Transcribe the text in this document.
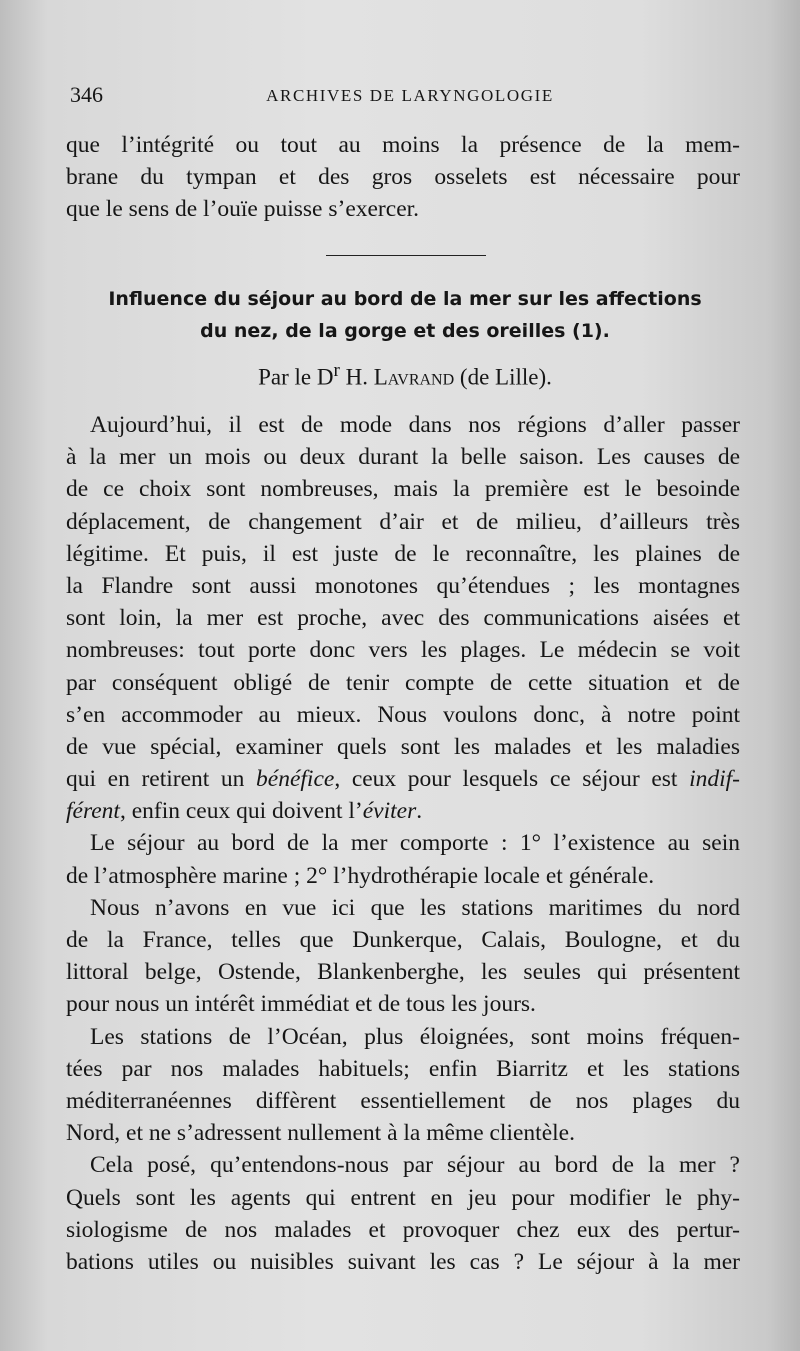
346	ARCHIVES DE LARYNGOLOGIE
que l’intégrité ou tout au moins la présence de la mem-
brane du tympan et des gros osselets est nécessaire pour
que le sens de l’ouïe puisse s’exercer.
Influence du séjour au bord de la mer sur les affections
du nez, de la gorge et des oreilles (1).
Par le $D^r$ H. Lavrand (de Lille).
Aujourd’hui, il est de mode dans nos régions d’aller passer
à la mer un mois ou deux durant la belle saison. Les causes de
de ce choix sont nombreuses, mais la première est le besoinde
déplacement, de changement d’air et de milieu, d’ailleurs très
légitime. Et puis, il est juste de le reconnaître, les plaines de
la Flandre sont aussi monotones qu’étendues ; les montagnes
sont loin, la mer est proche, avec des communications aisées et
nombreuses: tout porte donc vers les plages. Le médecin se voit
par conséquent obligé de tenir compte de cette situation et de
s’en accommoder au mieux. Nous voulons donc, à notre point
de vue spécial, examiner quels sont les malades et les maladies
qui en retirent un bénéfice, ceux pour lesquels ce séjour est indif-
férent, enfin ceux qui doivent l’éviter.
Le séjour au bord de la mer comporte : 1° l’existence au sein
de l’atmosphère marine ; 2° l’hydrothérapie locale et générale.
Nous n’avons en vue ici que les stations maritimes du nord
de la France, telles que Dunkerque, Calais, Boulogne, et du
littoral belge, Ostende, Blankenberghe, les seules qui présentent
pour nous un intérêt immédiat et de tous les jours.
Les stations de l’Océan, plus éloignées, sont moins fréquen-
tées par nos malades habituels; enfin Biarritz et les stations
méditerranéennes diffèrent essentiellement de nos plages du
Nord, et ne s’adressent nullement à la même clientèle.
Cela posé, qu’entendons-nous par séjour au bord de la mer ?
Quels sont les agents qui entrent en jeu pour modifier le phy-
siologisme de nos malades et provoquer chez eux des pertur-
bations utiles ou nuisibles suivant les cas ? Le séjour à la mer
